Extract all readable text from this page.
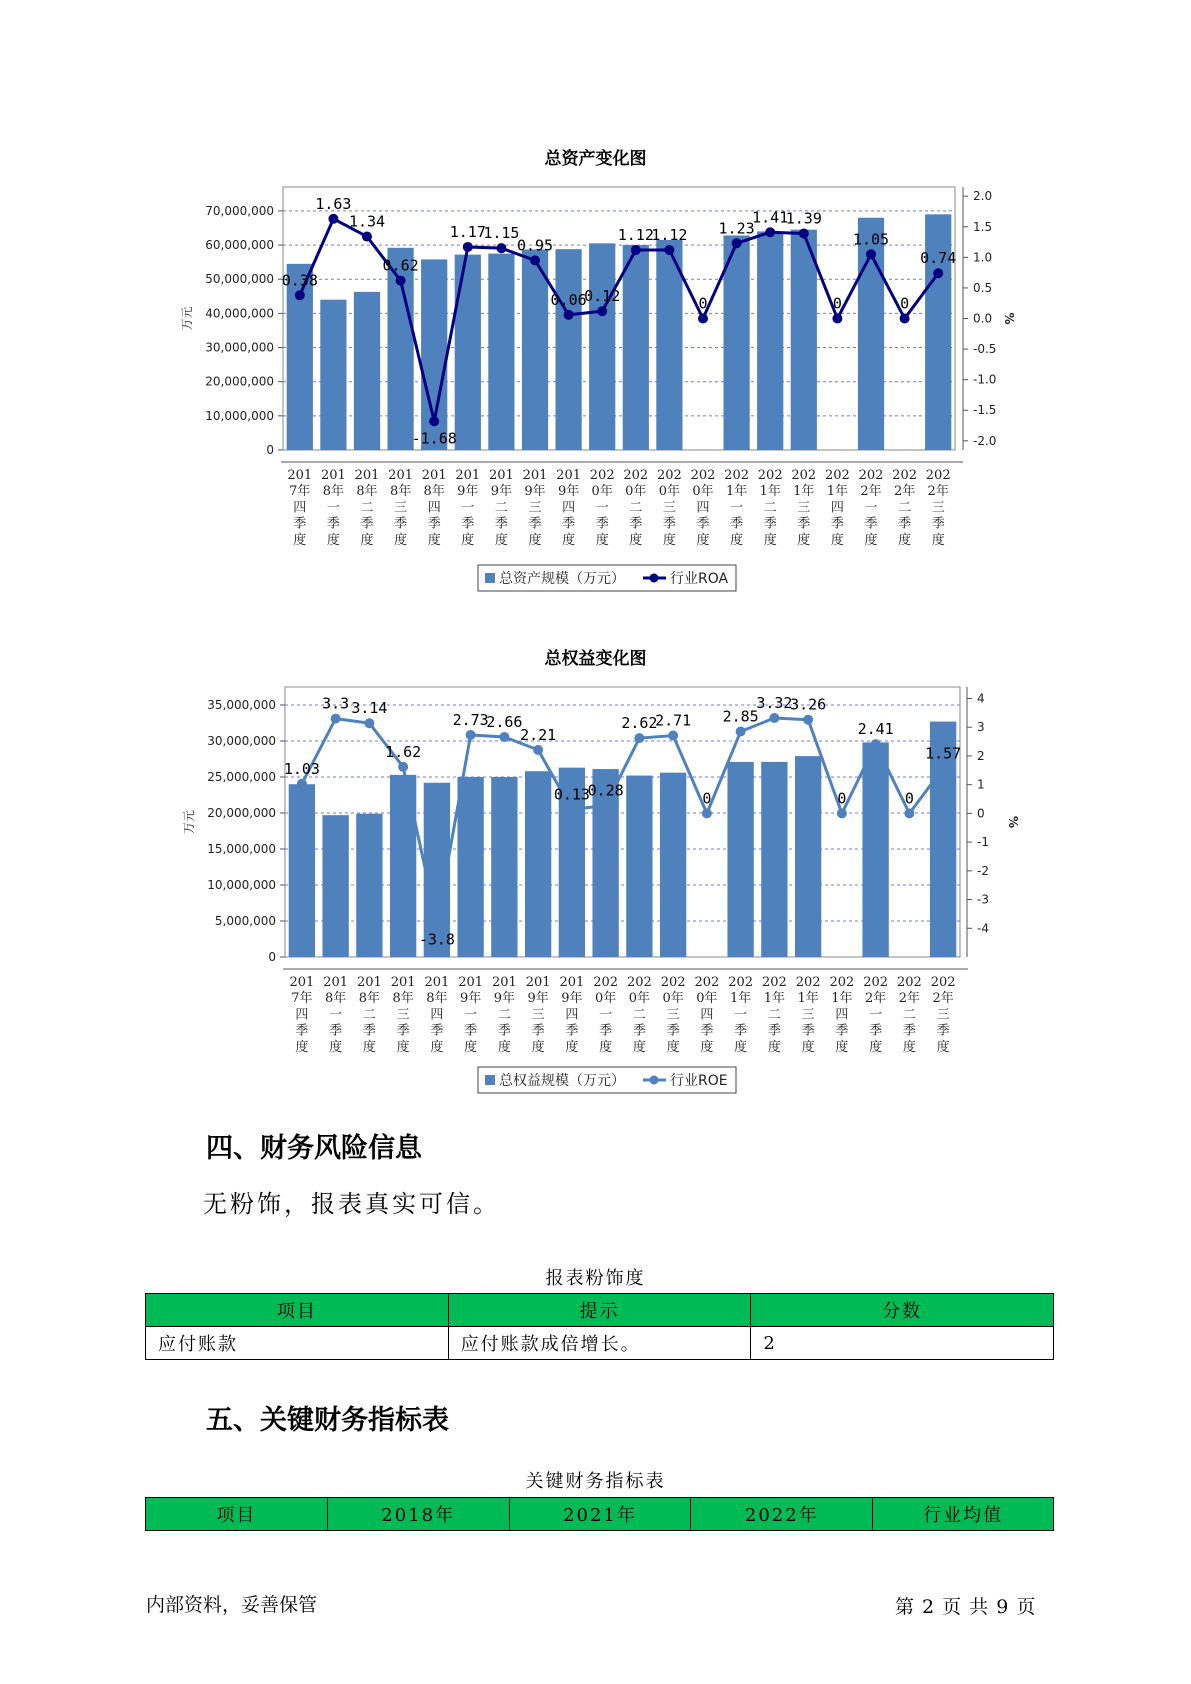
总资产变化图
0
10,000,000
20,000,000
30,000,000
40,000,000
50,000,000
60,000,000
70,000,000
万元
-2.0
-1.5
-1.0
-0.5
0.0
0.5
1.0
1.5
2.0
%
201
7年
四
季
度
201
8年
一
季
度
201
8年
二
季
度
201
8年
三
季
度
201
8年
四
季
度
201
9年
一
季
度
201
9年
二
季
度
201
9年
三
季
度
201
9年
四
季
度
202
0年
一
季
度
202
0年
二
季
度
202
0年
三
季
度
202
0年
四
季
度
202
1年
一
季
度
202
1年
二
季
度
202
1年
三
季
度
202
1年
四
季
度
202
2年
一
季
度
202
2年
二
季
度
202
2年
三
季
度
0.38
1.63
1.34
0.62
-1.68
1.17
1.15
0.95
0.06
0.12
1.12
1.12
0
1.23
1.41
1.39
0
1.05
0
0.74
总资产规模（万元）	行业ROA
总权益变化图
0
5,000,000
10,000,000
15,000,000
20,000,000
25,000,000
30,000,000
35,000,000
万元
-4
-3
-2
-1
0
1
2
3
4
%
201
7年
四
季
度
201
8年
一
季
度
201
8年
二
季
度
201
8年
三
季
度
201
8年
四
季
度
201
9年
一
季
度
201
9年
二
季
度
201
9年
三
季
度
201
9年
四
季
度
202
0年
一
季
度
202
0年
二
季
度
202
0年
三
季
度
202
0年
四
季
度
202
1年
一
季
度
202
1年
二
季
度
202
1年
三
季
度
202
1年
四
季
度
202
2年
一
季
度
202
2年
二
季
度
202
2年
三
季
度
1.03
3.3 3.14
1.62
-3.8
2.73
2.66
2.21
0.13
0.28
2.62
2.71
0
2.85
3.32
3.26
0
2.41
0
1.57
总权益规模（万元）	行业ROE
四、财务风险信息
无粉饰，报表真实可信。
报表粉饰度
项目	提示	分数
应付账款	应付账款成倍增长。	2
五、关键财务指标表
关键财务指标表
项目	2018年	2021年	2022年	行业均值
内部资料，妥善保管	第 2 页 共 9 页
